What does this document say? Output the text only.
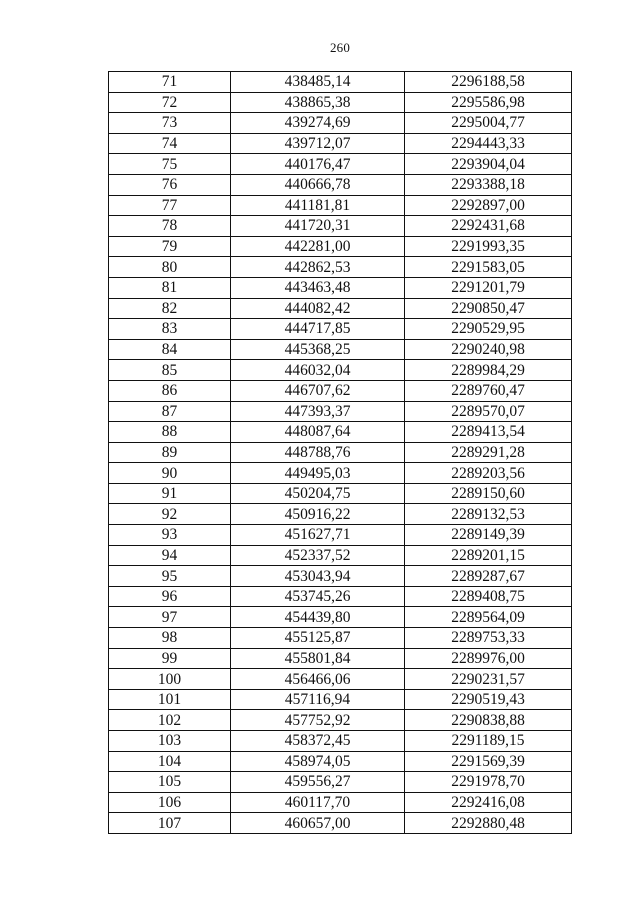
260
71	438485,14	2296188,58
72	438865,38	2295586,98
73	439274,69	2295004,77
74	439712,07	2294443,33
75	440176,47	2293904,04
76	440666,78	2293388,18
77	441181,81	2292897,00
78	441720,31	2292431,68
79	442281,00	2291993,35
80	442862,53	2291583,05
81	443463,48	2291201,79
82	444082,42	2290850,47
83	444717,85	2290529,95
84	445368,25	2290240,98
85	446032,04	2289984,29
86	446707,62	2289760,47
87	447393,37	2289570,07
88	448087,64	2289413,54
89	448788,76	2289291,28
90	449495,03	2289203,56
91	450204,75	2289150,60
92	450916,22	2289132,53
93	451627,71	2289149,39
94	452337,52	2289201,15
95	453043,94	2289287,67
96	453745,26	2289408,75
97	454439,80	2289564,09
98	455125,87	2289753,33
99	455801,84	2289976,00
100	456466,06	2290231,57
101	457116,94	2290519,43
102	457752,92	2290838,88
103	458372,45	2291189,15
104	458974,05	2291569,39
105	459556,27	2291978,70
106	460117,70	2292416,08
107	460657,00	2292880,48
